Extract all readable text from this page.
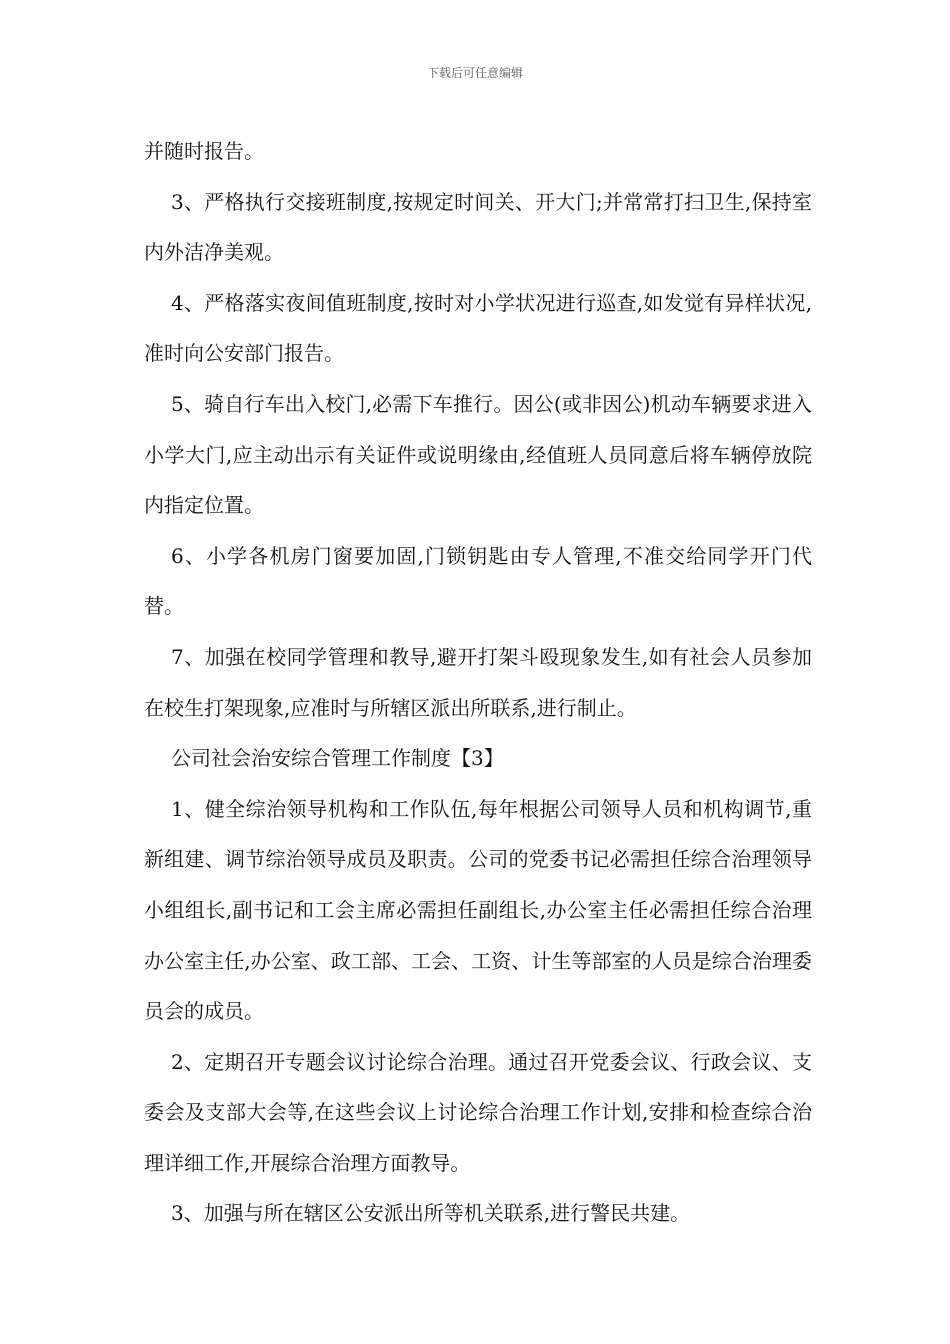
下载后可任意编辑

并随时报告。

3、严格执行交接班制度,按规定时间关、开大门;并常常打扫卫生,保持室内外洁净美观。

4、严格落实夜间值班制度,按时对小学状况进行巡查,如发觉有异样状况,准时向公安部门报告。

5、骑自行车出入校门,必需下车推行。因公(或非因公)机动车辆要求进入小学大门,应主动出示有关证件或说明缘由,经值班人员同意后将车辆停放院内指定位置。

6、小学各机房门窗要加固,门锁钥匙由专人管理,不准交给同学开门代替。

7、加强在校同学管理和教导,避开打架斗殴现象发生,如有社会人员参加在校生打架现象,应准时与所辖区派出所联系,进行制止。

公司社会治安综合管理工作制度【3】

1、健全综治领导机构和工作队伍,每年根据公司领导人员和机构调节,重新组建、调节综治领导成员及职责。公司的党委书记必需担任综合治理领导小组组长,副书记和工会主席必需担任副组长,办公室主任必需担任综合治理办公室主任,办公室、政工部、工会、工资、计生等部室的人员是综合治理委员会的成员。

2、定期召开专题会议讨论综合治理。通过召开党委会议、行政会议、支委会及支部大会等,在这些会议上讨论综合治理工作计划,安排和检查综合治理详细工作,开展综合治理方面教导。

3、加强与所在辖区公安派出所等机关联系,进行警民共建。
